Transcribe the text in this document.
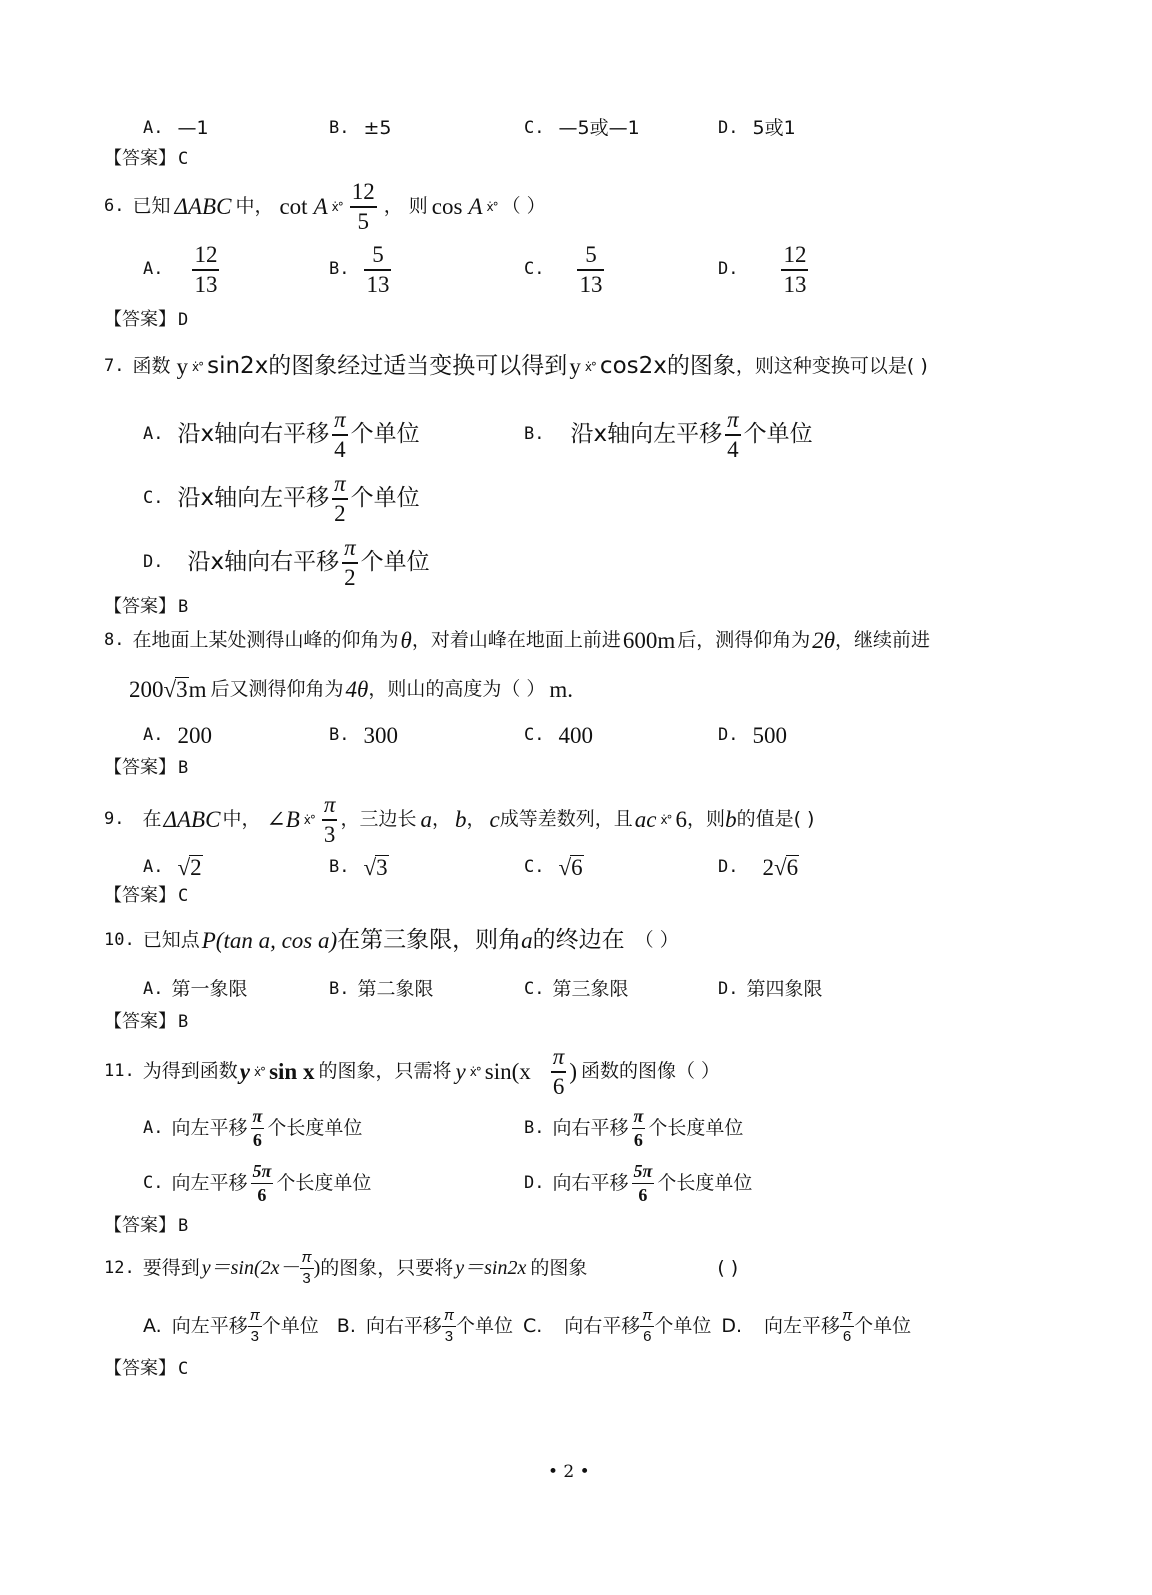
A. —1	B. ±5	C. —5或—1	D. 5或1
【答案】 C
6. 已知 ΔABC 中， cot A ẋ° $\frac{12}{5}$ ， 则 cos A ẋ° （ ）
A. $\frac{12}{13}$	B. $\frac{5}{13}$	C. $\frac{5}{13}$	D. $\frac{12}{13}$
【答案】 D
7. 函数 y ẋ° sin2x的图象经过适当变换可以得到 y ẋ° cos2x的图象 ，则这种变换可以是( )
A. 沿x轴向右平移 $\frac{\pi}{4}$ 个单位	B. 沿x轴向左平移 $\frac{\pi}{4}$ 个单位
C. 沿x轴向左平移 $\frac{\pi}{2}$ 个单位
D. 沿x轴向右平移 $\frac{\pi}{2}$ 个单位
【答案】 B
8. 在地面上某处测得山峰的仰角为 θ ，对着山峰在地面上前进 600m 后，测得仰角为 2θ ，继续前进
200 √ 3 m 后又测得仰角为 4θ ，则山的高度为（ ） m.
A. 200	B. 300	C. 400	D. 500
【答案】 B
9. 在 ΔABC 中， ∠B ẋ° $\frac{\pi}{3}$ ，三边长 a ， b ， c 成等差数列，且 ac ẋ° 6 ，则 b 的值是( )
A. √ 2	B. √ 3	C. √ 6	D. 2 √ 6
【答案】 C
10. 已知点 P(tan a, cos a) 在第三象限，则角 a 的终边在 （ ）
A. 第一象限	B. 第二象限	C. 第三象限	D. 第四象限
【答案】 B
11. 为得到函数 y ẋ° sin x 的图象，只需将 y ẋ° $\sin(x \frac{\pi}{6}$ ) 函数的图像（ ）
A. 向左平移 $\frac{\pi}{6}$ 个长度单位	B. 向右平移 $\frac{\pi}{6}$ 个长度单位
C. 向左平移 $\frac{5\pi}{6}$ 个长度单位	D. 向右平移 $\frac{5\pi}{6}$ 个长度单位
【答案】 B
12. 要得到 $y=\sin(2x- \frac{\pi}{3}$ ) 的图象，只要将 y＝sin2x 的图象	( )
A. 向左平移 $\frac{\pi}{3}$ 个单位 B. 向右平移 $\frac{\pi}{3}$ 个单位 C. 向右平移 $\frac{\pi}{6}$ 个单位 D. 向左平移 $\frac{\pi}{6}$ 个单位
【答案】 C
• 2 •
